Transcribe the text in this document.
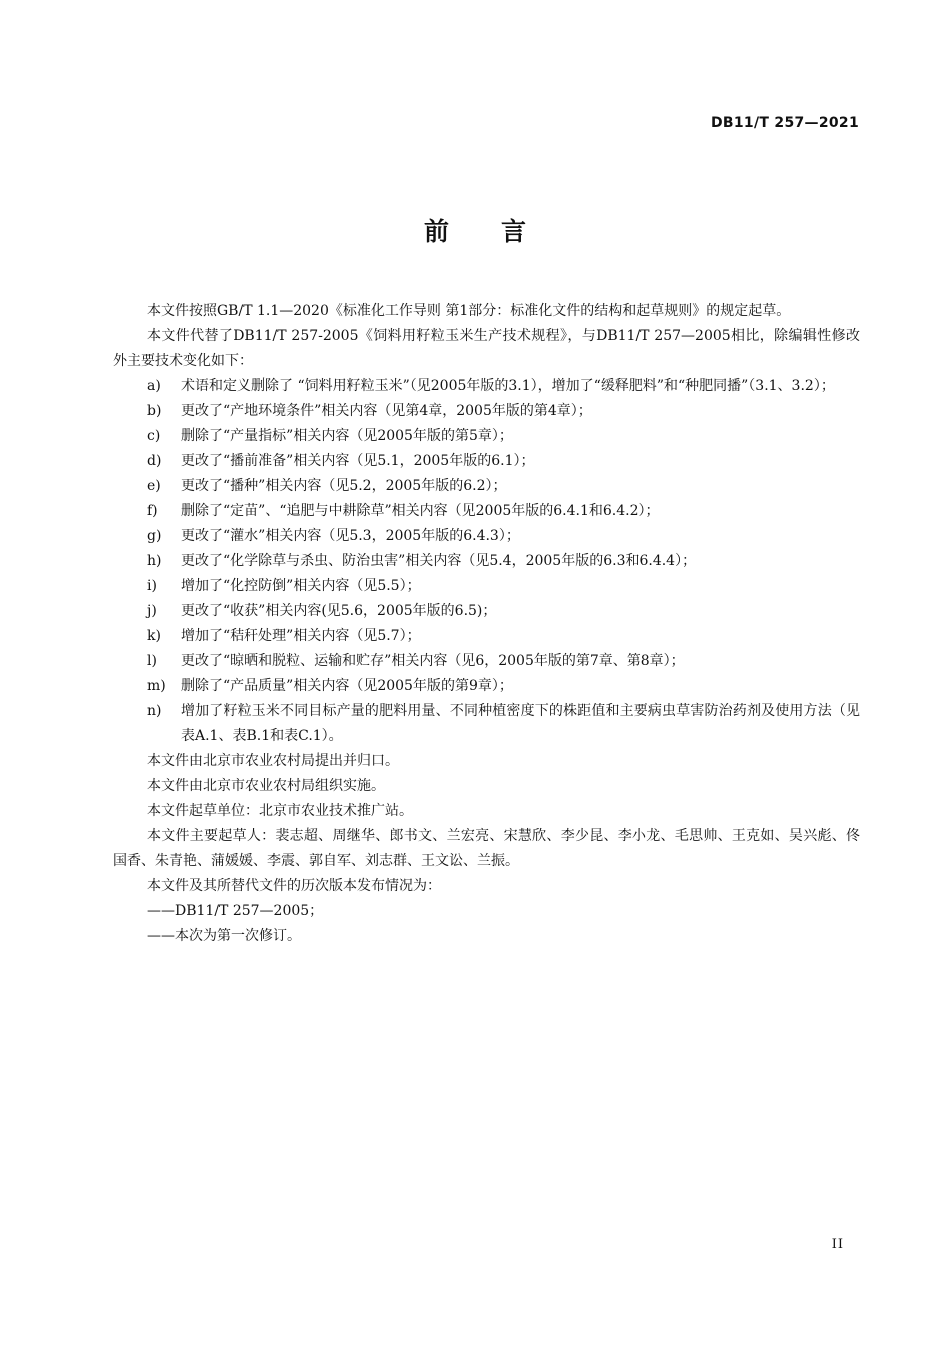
DB11/T 257—2021
前言

本文件按照GB/T 1.1—2020《标准化工作导则 第1部分：标准化文件的结构和起草规则》的规定起草。

本文件代替了DB11/T 257-2005《饲料用籽粒玉米生产技术规程》，与DB11/T 257—2005相比，除编辑性修改外主要技术变化如下：

a) 术语和定义删除了 “饲料用籽粒玉米”（见2005年版的3.1），增加了“缓释肥料”和“种肥同播”（3.1、3.2）；
b) 更改了“产地环境条件”相关内容（见第4章，2005年版的第4章）；
c) 删除了“产量指标”相关内容（见2005年版的第5章）；
d) 更改了“播前准备”相关内容（见5.1，2005年版的6.1）；
e) 更改了“播种”相关内容（见5.2，2005年版的6.2）；
f) 删除了“定苗”、“追肥与中耕除草”相关内容（见2005年版的6.4.1和6.4.2）；
g) 更改了“灌水”相关内容（见5.3，2005年版的6.4.3）；
h) 更改了“化学除草与杀虫、防治虫害”相关内容（见5.4，2005年版的6.3和6.4.4）；
i) 增加了“化控防倒”相关内容（见5.5）；
j) 更改了“收获”相关内容(见5.6，2005年版的6.5)；
k) 增加了“秸秆处理”相关内容（见5.7）；
l) 更改了“晾晒和脱粒、运输和贮存”相关内容（见6，2005年版的第7章、第8章）；
m) 删除了“产品质量”相关内容（见2005年版的第9章）；
n) 增加了籽粒玉米不同目标产量的肥料用量、不同种植密度下的株距值和主要病虫草害防治药剂及使用方法（见表A.1、表B.1和表C.1）。

本文件由北京市农业农村局提出并归口。

本文件由北京市农业农村局组织实施。

本文件起草单位：北京市农业技术推广站。

本文件主要起草人：裴志超、周继华、郎书文、兰宏亮、宋慧欣、李少昆、李小龙、毛思帅、王克如、吴兴彪、佟国香、朱青艳、蒲媛媛、李震、郭自军、刘志群、王文讼、兰振。

本文件及其所替代文件的历次版本发布情况为：

——DB11/T 257—2005；

——本次为第一次修订。

II
